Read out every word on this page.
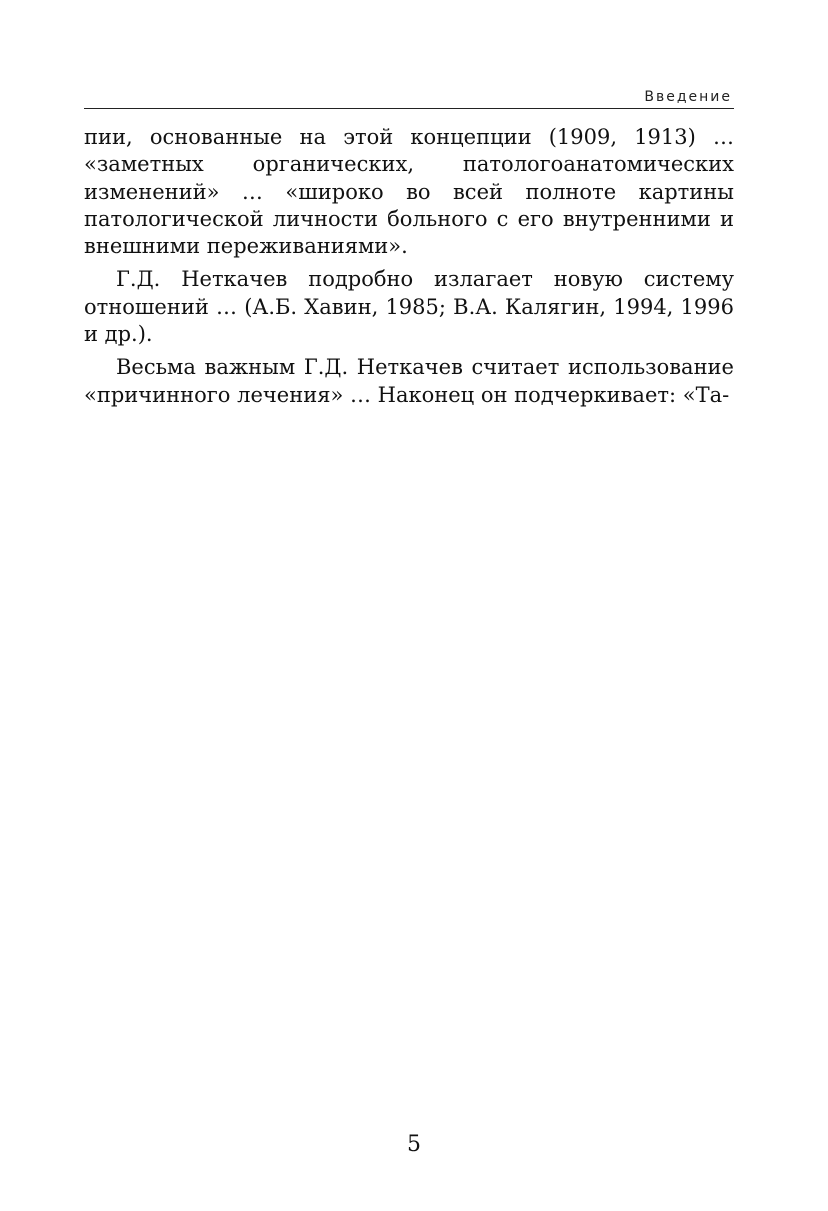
Введение

пии, основанные на этой концепции (1909, 1913) … «заметных органических, патологоанатомических изменений» … «широко во всей полноте картины патологической личности больного с его внутренними и внешними переживаниями».

Г.Д. Неткачев подробно излагает новую систему отношений … (А.Б. Хавин, 1985; В.А. Калягин, 1994, 1996 и др.).

Весьма важным Г.Д. Неткачев считает использование «причинного лечения» … Наконец он подчеркивает: «Та-

5
